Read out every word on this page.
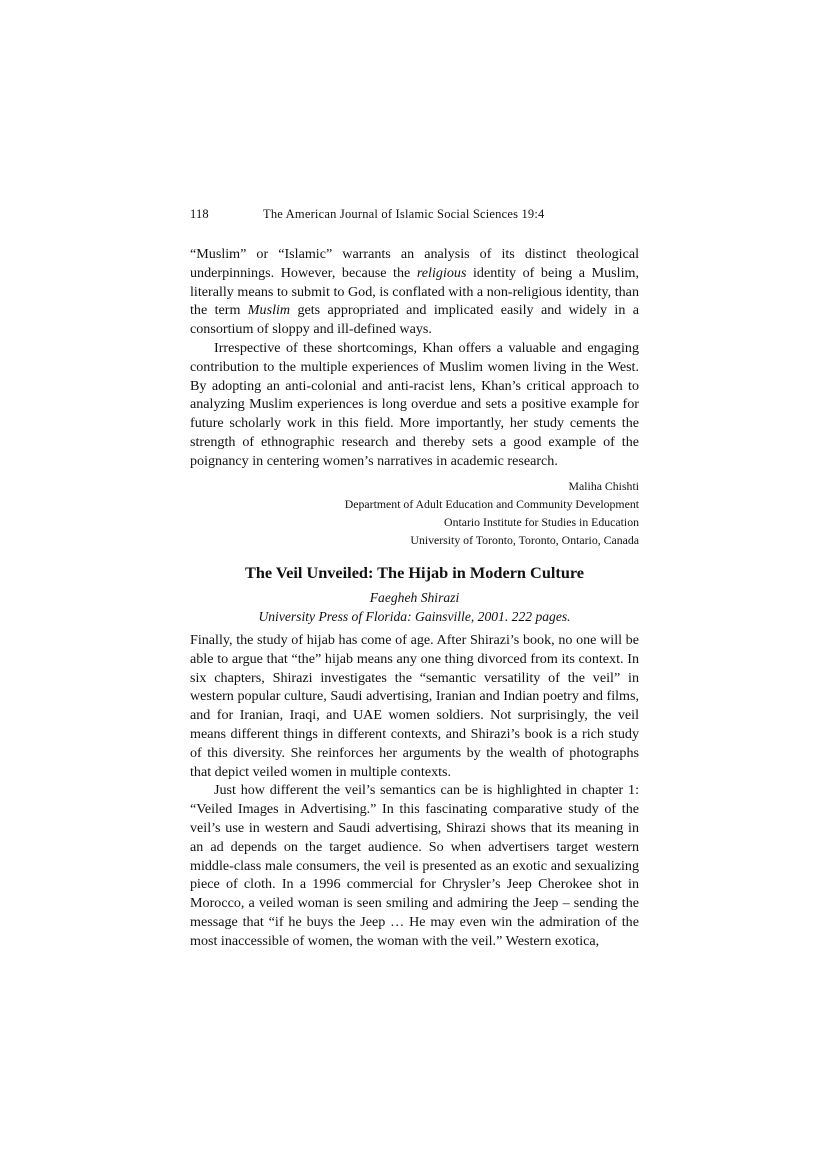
118	The American Journal of Islamic Social Sciences 19:4

“Muslim” or “Islamic” warrants an analysis of its distinct theological underpinnings. However, because the religious identity of being a Muslim, literally means to submit to God, is conflated with a non-religious identity, than the term Muslim gets appropriated and implicated easily and widely in a consortium of sloppy and ill-defined ways.

Irrespective of these shortcomings, Khan offers a valuable and engaging contribution to the multiple experiences of Muslim women living in the West. By adopting an anti-colonial and anti-racist lens, Khan’s critical approach to analyzing Muslim experiences is long overdue and sets a positive example for future scholarly work in this field. More importantly, her study cements the strength of ethnographic research and thereby sets a good example of the poignancy in centering women’s narratives in academic research.

Maliha Chishti
Department of Adult Education and Community Development
Ontario Institute for Studies in Education
University of Toronto, Toronto, Ontario, Canada
The Veil Unveiled: The Hijab in Modern Culture
Faegheh Shirazi
University Press of Florida: Gainsville, 2001. 222 pages.

Finally, the study of hijab has come of age. After Shirazi’s book, no one will be able to argue that “the” hijab means any one thing divorced from its context. In six chapters, Shirazi investigates the “semantic versatility of the veil” in western popular culture, Saudi advertising, Iranian and Indian poetry and films, and for Iranian, Iraqi, and UAE women soldiers. Not surprisingly, the veil means different things in different contexts, and Shirazi’s book is a rich study of this diversity. She reinforces her arguments by the wealth of photographs that depict veiled women in multiple contexts.

Just how different the veil’s semantics can be is highlighted in chapter 1: “Veiled Images in Advertising.” In this fascinating comparative study of the veil’s use in western and Saudi advertising, Shirazi shows that its meaning in an ad depends on the target audience. So when advertisers target western middle-class male consumers, the veil is presented as an exotic and sexualizing piece of cloth. In a 1996 commercial for Chrysler’s Jeep Cherokee shot in Morocco, a veiled woman is seen smiling and admiring the Jeep – sending the message that “if he buys the Jeep … He may even win the admiration of the most inaccessible of women, the woman with the veil.” Western exotica,
